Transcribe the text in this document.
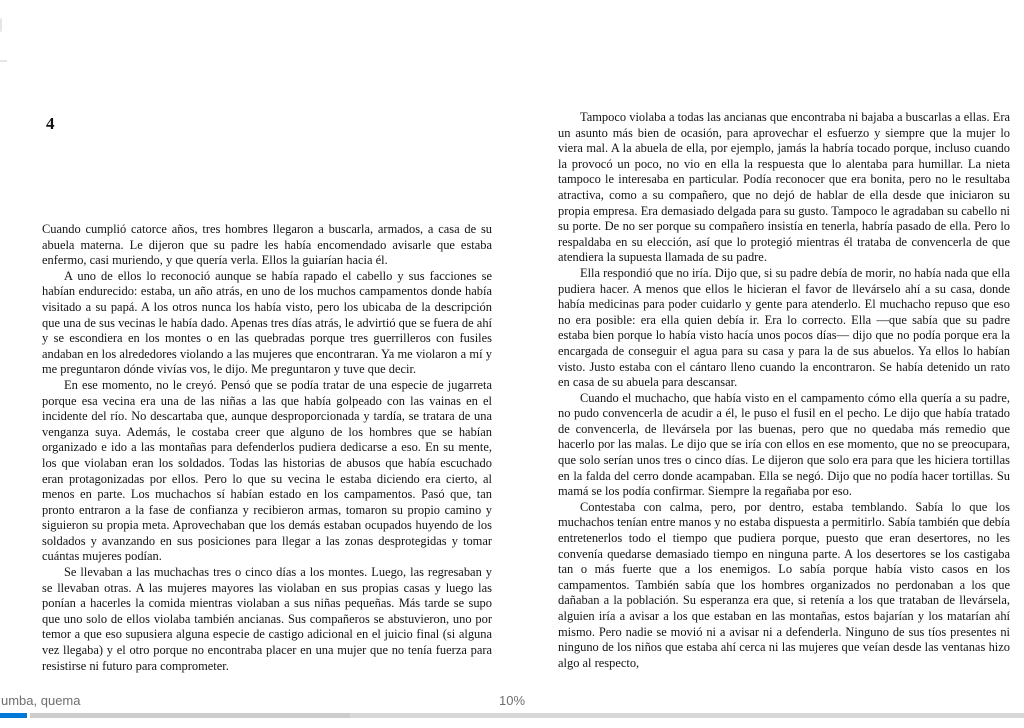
4

Cuando cumplió catorce años, tres hombres llegaron a buscarla, armados, a casa de su abuela materna. Le dijeron que su padre les había encomendado avisarle que estaba enfermo, casi muriendo, y que quería verla. Ellos la guiarían hacia él.

A uno de ellos lo reconoció aunque se había rapado el cabello y sus facciones se habían endurecido: estaba, un año atrás, en uno de los muchos campamentos donde había visitado a su papá. A los otros nunca los había visto, pero los ubicaba de la descripción que una de sus vecinas le había dado. Apenas tres días atrás, le advirtió que se fuera de ahí y se escondiera en los montes o en las quebradas porque tres guerrilleros con fusiles andaban en los alrededores violando a las mujeres que encontraran. Ya me violaron a mí y me preguntaron dónde vivías vos, le dijo. Me preguntaron y tuve que decir.

En ese momento, no le creyó. Pensó que se podía tratar de una especie de jugarreta porque esa vecina era una de las niñas a las que había golpeado con las vainas en el incidente del río. No descartaba que, aunque desproporcionada y tardía, se tratara de una venganza suya. Además, le costaba creer que alguno de los hombres que se habían organizado e ido a las montañas para defenderlos pudiera dedicarse a eso. En su mente, los que violaban eran los soldados. Todas las historias de abusos que había escuchado eran protagonizadas por ellos. Pero lo que su vecina le estaba diciendo era cierto, al menos en parte. Los muchachos sí habían estado en los campamentos. Pasó que, tan pronto entraron a la fase de confianza y recibieron armas, tomaron su propio camino y siguieron su propia meta. Aprovechaban que los demás estaban ocupados huyendo de los soldados y avanzando en sus posiciones para llegar a las zonas desprotegidas y tomar cuántas mujeres podían.

Se llevaban a las muchachas tres o cinco días a los montes. Luego, las regresaban y se llevaban otras. A las mujeres mayores las violaban en sus propias casas y luego las ponían a hacerles la comida mientras violaban a sus niñas pequeñas. Más tarde se supo que uno solo de ellos violaba también ancianas. Sus compañeros se abstuvieron, uno por temor a que eso supusiera alguna especie de castigo adicional en el juicio final (si alguna vez llegaba) y el otro porque no encontraba placer en una mujer que no tenía fuerza para resistirse ni futuro para comprometer.

Tampoco violaba a todas las ancianas que encontraba ni bajaba a buscarlas a ellas. Era un asunto más bien de ocasión, para aprovechar el esfuerzo y siempre que la mujer lo viera mal. A la abuela de ella, por ejemplo, jamás la habría tocado porque, incluso cuando la provocó un poco, no vio en ella la respuesta que lo alentaba para humillar. La nieta tampoco le interesaba en particular. Podía reconocer que era bonita, pero no le resultaba atractiva, como a su compañero, que no dejó de hablar de ella desde que iniciaron su propia empresa. Era demasiado delgada para su gusto. Tampoco le agradaban su cabello ni su porte. De no ser porque su compañero insistía en tenerla, habría pasado de ella. Pero lo respaldaba en su elección, así que lo protegió mientras él trataba de convencerla de que atendiera la supuesta llamada de su padre.

Ella respondió que no iría. Dijo que, si su padre debía de morir, no había nada que ella pudiera hacer. A menos que ellos le hicieran el favor de llevárselo ahí a su casa, donde había medicinas para poder cuidarlo y gente para atenderlo. El muchacho repuso que eso no era posible: era ella quien debía ir. Era lo correcto. Ella —que sabía que su padre estaba bien porque lo había visto hacía unos pocos días— dijo que no podía porque era la encargada de conseguir el agua para su casa y para la de sus abuelos. Ya ellos lo habían visto. Justo estaba con el cántaro lleno cuando la encontraron. Se había detenido un rato en casa de su abuela para descansar.

Cuando el muchacho, que había visto en el campamento cómo ella quería a su padre, no pudo convencerla de acudir a él, le puso el fusil en el pecho. Le dijo que había tratado de convencerla, de llevársela por las buenas, pero que no quedaba más remedio que hacerlo por las malas. Le dijo que se iría con ellos en ese momento, que no se preocupara, que solo serían unos tres o cinco días. Le dijeron que solo era para que les hiciera tortillas en la falda del cerro donde acampaban. Ella se negó. Dijo que no podía hacer tortillas. Su mamá se los podía confirmar. Siempre la regañaba por eso.

Contestaba con calma, pero, por dentro, estaba temblando. Sabía lo que los muchachos tenían entre manos y no estaba dispuesta a permitirlo. Sabía también que debía entretenerlos todo el tiempo que pudiera porque, puesto que eran desertores, no les convenía quedarse demasiado tiempo en ninguna parte. A los desertores se los castigaba tan o más fuerte que a los enemigos. Lo sabía porque había visto casos en los campamentos. También sabía que los hombres organizados no perdonaban a los que dañaban a la población. Su esperanza era que, si retenía a los que trataban de llevársela, alguien iría a avisar a los que estaban en las montañas, estos bajarían y los matarían ahí mismo. Pero nadie se movió ni a avisar ni a defenderla. Ninguno de sus tíos presentes ni ninguno de los niños que estaba ahí cerca ni las mujeres que veían desde las ventanas hizo algo al respecto,

umba, quema	10%
